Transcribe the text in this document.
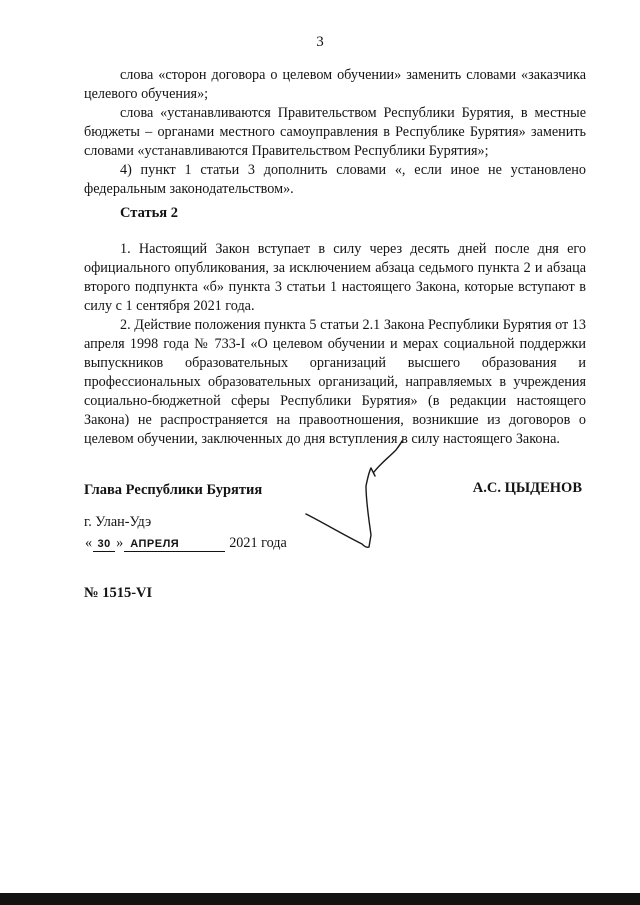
3

слова «сторон договора о целевом обучении» заменить словами «заказчика целевого обучения»;

слова «устанавливаются Правительством Республики Бурятия, в местные бюджеты – органами местного самоуправления в Республике Бурятия» заменить словами «устанавливаются Правительством Республики Бурятия»;

4) пункт 1 статьи 3 дополнить словами «, если иное не установлено федеральным законодательством».

Статья 2

1. Настоящий Закон вступает в силу через десять дней после дня его официального опубликования, за исключением абзаца седьмого пункта 2 и абзаца второго подпункта «б» пункта 3 статьи 1 настоящего Закона, которые вступают в силу с 1 сентября 2021 года.

2. Действие положения пункта 5 статьи 2.1 Закона Республики Бурятия от 13 апреля 1998 года № 733-I «О целевом обучении и мерах социальной поддержки выпускников образовательных организаций высшего образования и профессиональных образовательных организаций, направляемых в учреждения социально-бюджетной сферы Республики Бурятия» (в редакции настоящего Закона) не распространяется на правоотношения, возникшие из договоров о целевом обучении, заключенных до дня вступления в силу настоящего Закона.

Глава Республики Бурятия	А.С. ЦЫДЕНОВ
г. Улан-Удэ
« 30 » АПРЕЛЯ	2021 года
№ 1515-VI
